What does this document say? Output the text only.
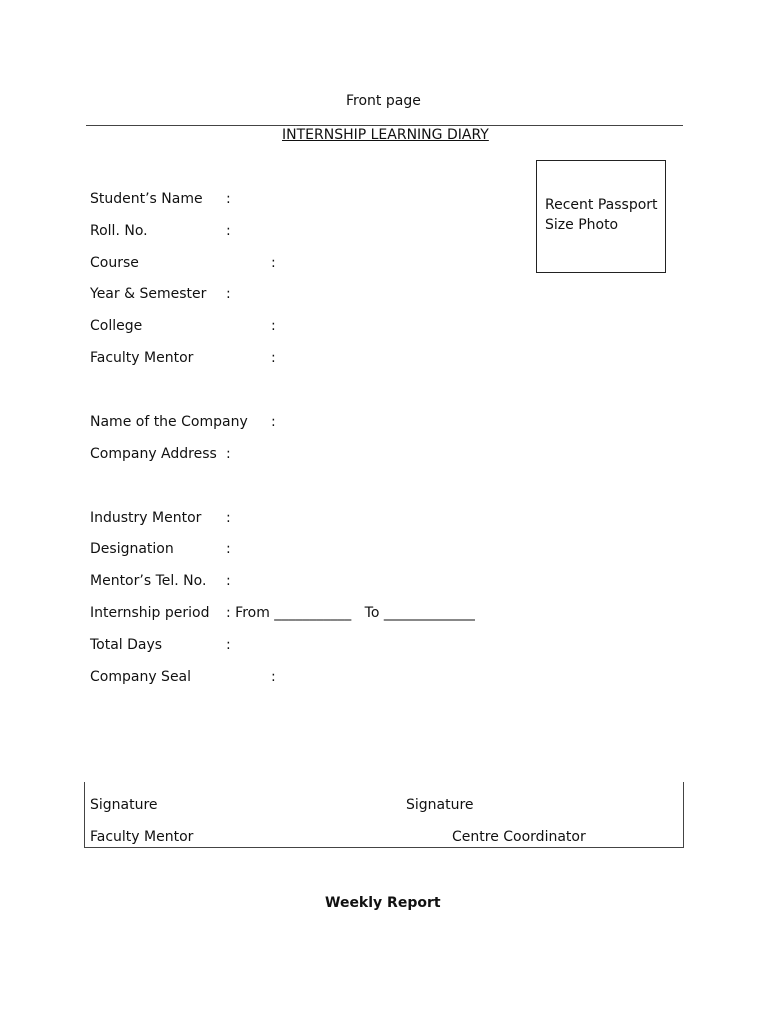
Front page
INTERNSHIP LEARNING DIARY
Recent Passport
Size Photo
Student’s Name :
Roll. No.	:
Course	:
Year & Semester :
College	:
Faculty Mentor	:
Name of the Company :
Company Address :
Industry Mentor :
Designation	:
Mentor’s Tel. No. :
Internship period : From ___________   To _____________
Total Days	:
Company Seal	:
Signature	Signature
Faculty Mentor	Centre Coordinator
Weekly Report
